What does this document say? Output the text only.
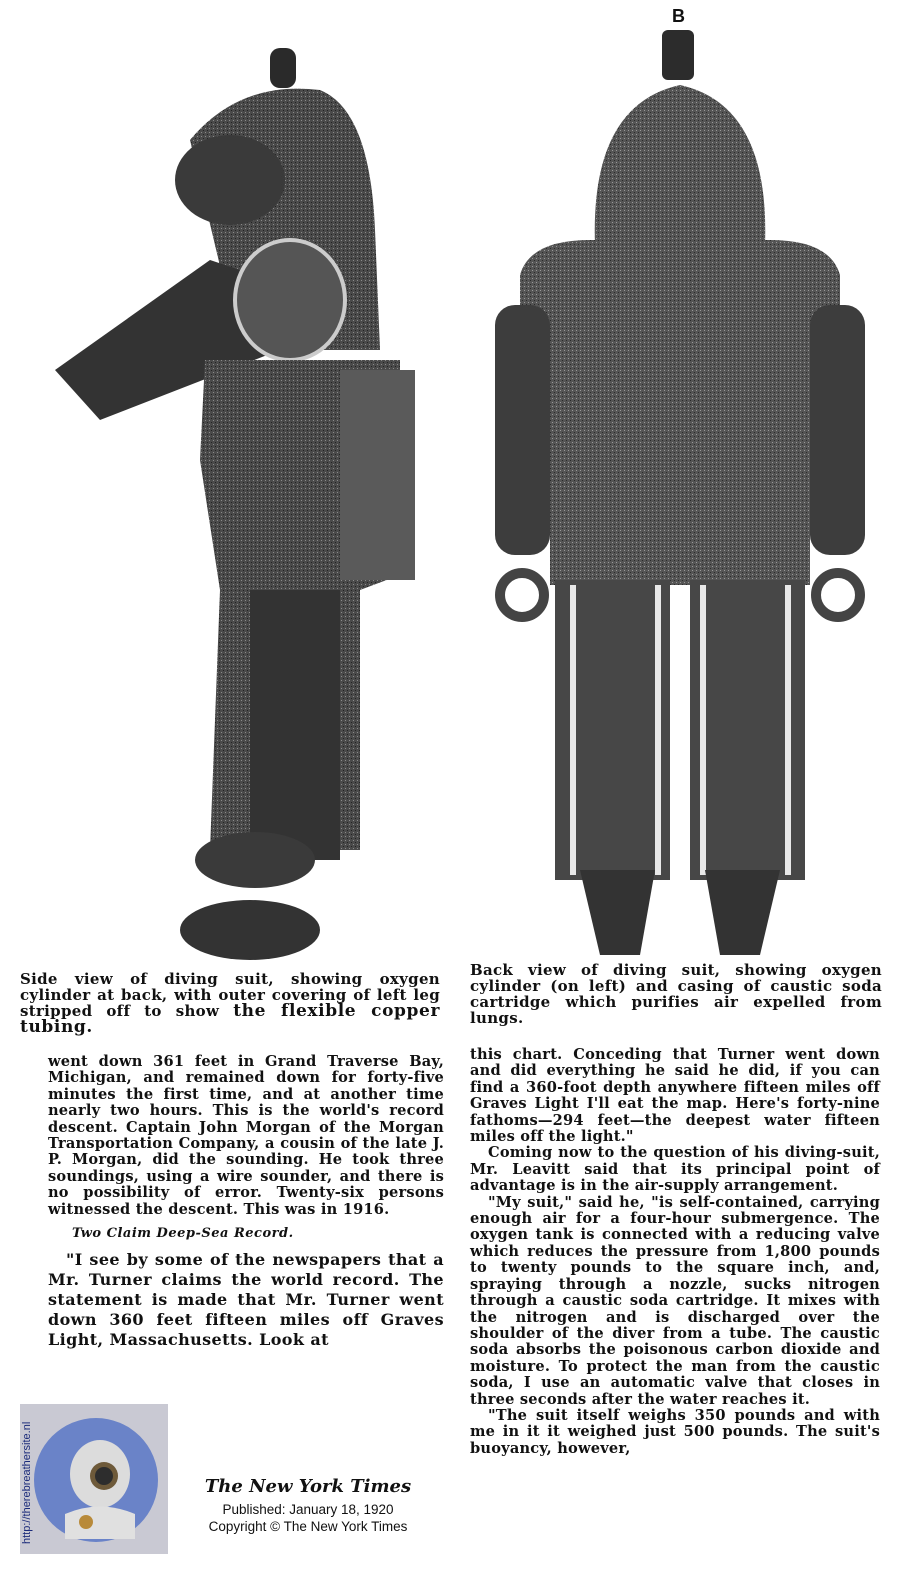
B

Side view of diving suit, showing oxygen cylinder at back, with outer covering of left leg stripped off to show the flexible copper tubing.

Back view of diving suit, showing oxygen cylinder (on left) and casing of caustic soda cartridge which purifies air expelled from lungs.

went down 361 feet in Grand Traverse Bay, Michigan, and remained down for forty-five minutes the first time, and at another time nearly two hours. This is the world's record descent. Captain John Morgan of the Morgan Transportation Company, a cousin of the late J. P. Morgan, did the sounding. He took three soundings, using a wire sounder, and there is no possibility of error. Twenty-six persons witnessed the descent. This was in 1916.

Two Claim Deep-Sea Record.

"I see by some of the newspapers that a Mr. Turner claims the world record. The statement is made that Mr. Turner went down 360 feet fifteen miles off Graves Light, Massachusetts. Look at

this chart. Conceding that Turner went down and did everything he said he did, if you can find a 360-foot depth anywhere fifteen miles off Graves Light I'll eat the map. Here's forty-nine fathoms—294 feet—the deepest water fifteen miles off the light."

Coming now to the question of his diving-suit, Mr. Leavitt said that its principal point of advantage is in the air-supply arrangement.

"My suit," said he, "is self-contained, carrying enough air for a four-hour submergence. The oxygen tank is connected with a reducing valve which reduces the pressure from 1,800 pounds to twenty pounds to the square inch, and, spraying through a nozzle, sucks nitrogen through a caustic soda cartridge. It mixes with the nitrogen and is discharged over the shoulder of the diver from a tube. The caustic soda absorbs the poisonous carbon dioxide and moisture. To protect the man from the caustic soda, I use an automatic valve that closes in three seconds after the water reaches it.

"The suit itself weighs 350 pounds and with me in it it weighed just 500 pounds. The suit's buoyancy, however,

http://therebreathersite.nl	The New York Times
Published: January 18, 1920
Copyright © The New York Times
